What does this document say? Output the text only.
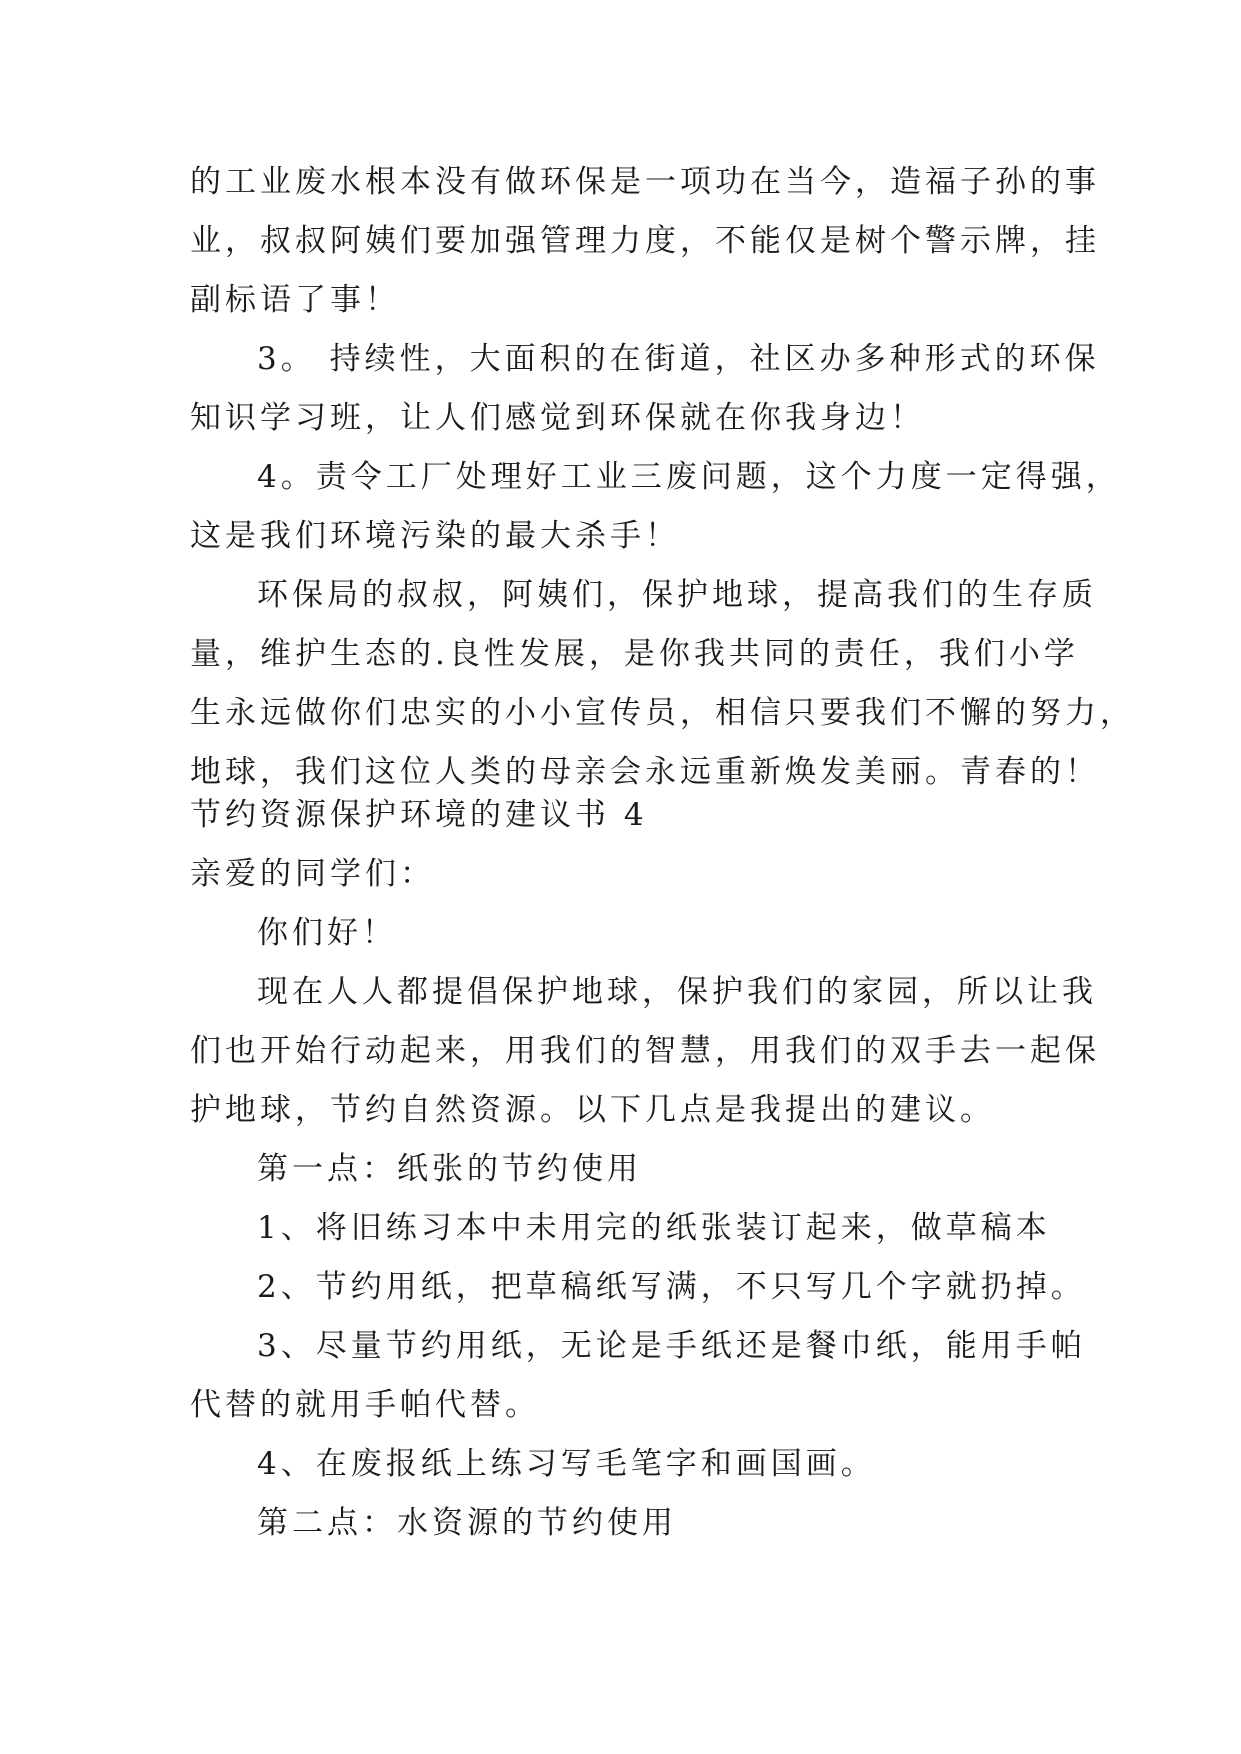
的工业废水根本没有做环保是一项功在当今，造福子孙的事

业，叔叔阿姨们要加强管理力度，不能仅是树个警示牌，挂

副标语了事！

3。 持续性，大面积的在街道，社区办多种形式的环保

知识学习班，让人们感觉到环保就在你我身边！

4。责令工厂处理好工业三废问题，这个力度一定得强，

这是我们环境污染的最大杀手！

环保局的叔叔，阿姨们，保护地球，提高我们的生存质

量，维护生态的.良性发展，是你我共同的责任，我们小学

生永远做你们忠实的小小宣传员，相信只要我们不懈的努力，

地球，我们这位人类的母亲会永远重新焕发美丽。青春的！

节约资源保护环境的建议书 4

亲爱的同学们：

你们好！

现在人人都提倡保护地球，保护我们的家园，所以让我

们也开始行动起来，用我们的智慧，用我们的双手去一起保

护地球，节约自然资源。以下几点是我提出的建议。

第一点：纸张的节约使用

1、将旧练习本中未用完的纸张装订起来，做草稿本

2、节约用纸，把草稿纸写满，不只写几个字就扔掉。

3、尽量节约用纸，无论是手纸还是餐巾纸，能用手帕

代替的就用手帕代替。

4、在废报纸上练习写毛笔字和画国画。

第二点：水资源的节约使用
